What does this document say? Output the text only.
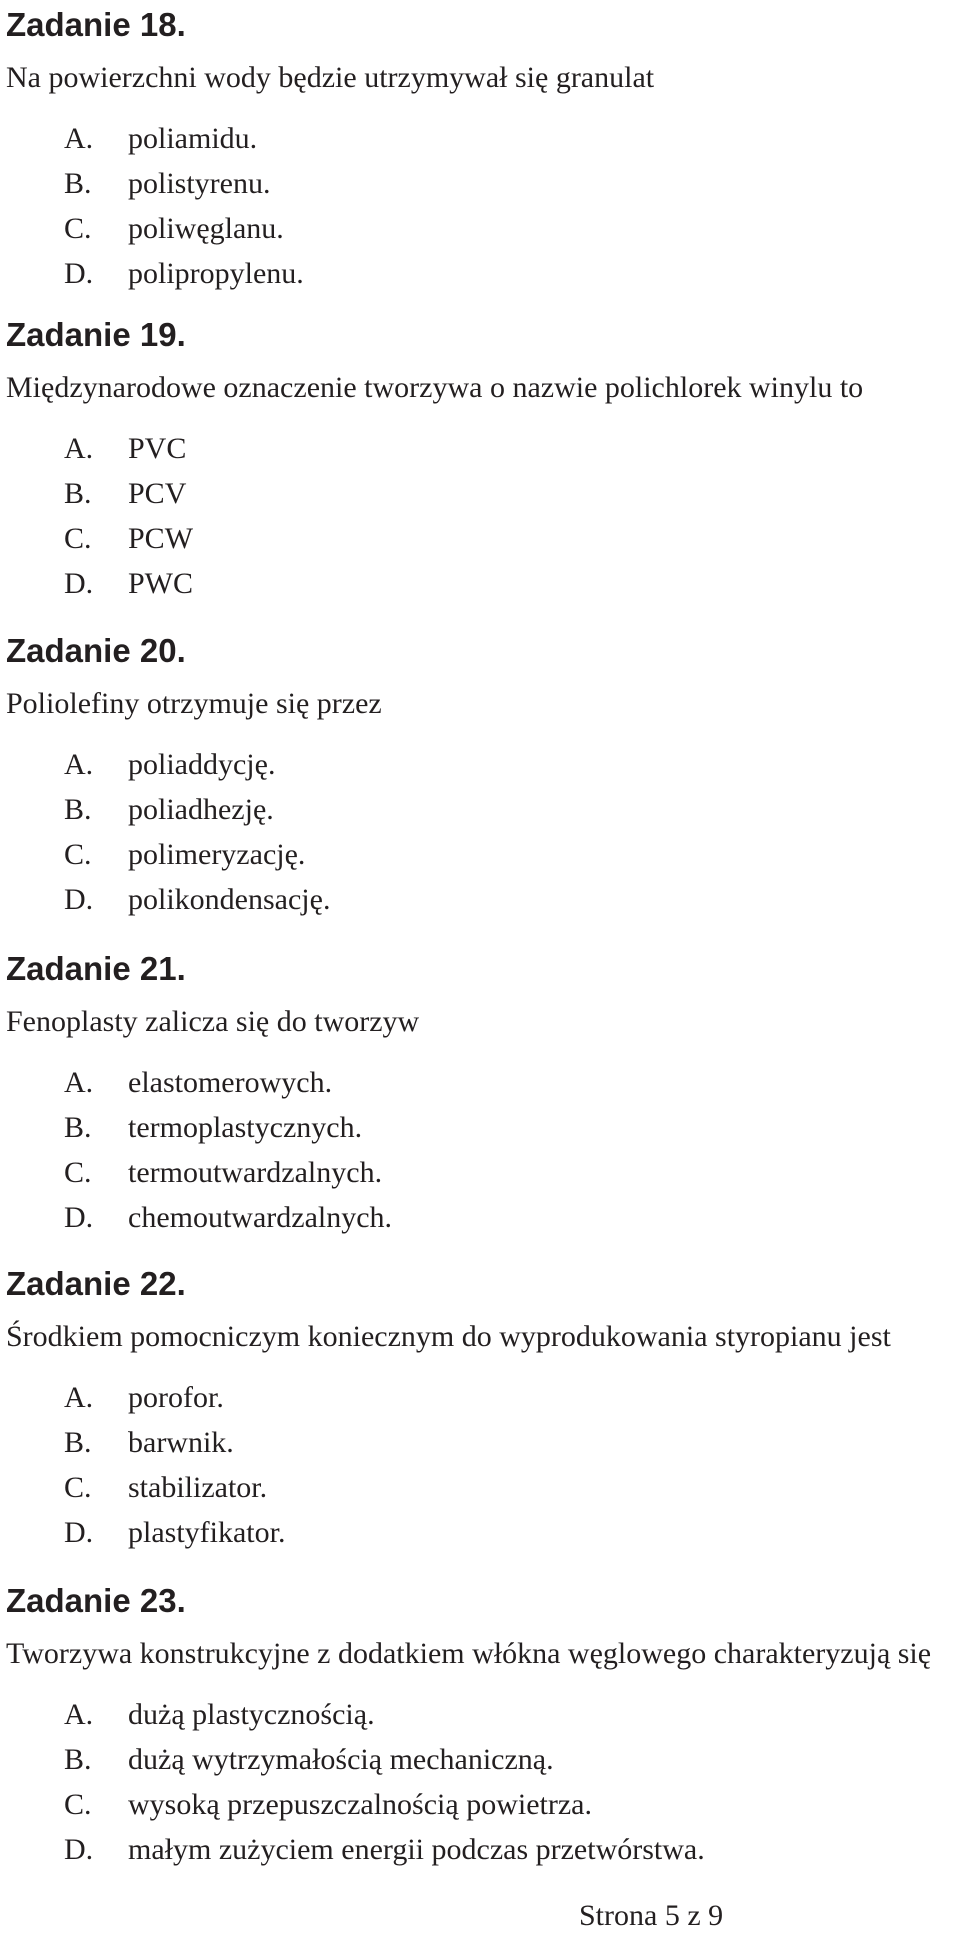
Zadanie 18.
Na powierzchni wody będzie utrzymywał się granulat
A. poliamidu.
B. polistyrenu.
C. poliwęglanu.
D. polipropylenu.
Zadanie 19.
Międzynarodowe oznaczenie tworzywa o nazwie polichlorek winylu to
A. PVC
B. PCV
C. PCW
D. PWC
Zadanie 20.
Poliolefiny otrzymuje się przez
A. poliaddycję.
B. poliadhezję.
C. polimeryzację.
D. polikondensację.
Zadanie 21.
Fenoplasty zalicza się do tworzyw
A. elastomerowych.
B. termoplastycznych.
C. termoutwardzalnych.
D. chemoutwardzalnych.
Zadanie 22.
Środkiem pomocniczym koniecznym do wyprodukowania styropianu jest
A. porofor.
B. barwnik.
C. stabilizator.
D. plastyfikator.
Zadanie 23.
Tworzywa konstrukcyjne z dodatkiem włókna węglowego charakteryzują się
A. dużą plastycznością.
B. dużą wytrzymałością mechaniczną.
C. wysoką przepuszczalnością powietrza.
D. małym zużyciem energii podczas przetwórstwa.
Strona 5 z 9
